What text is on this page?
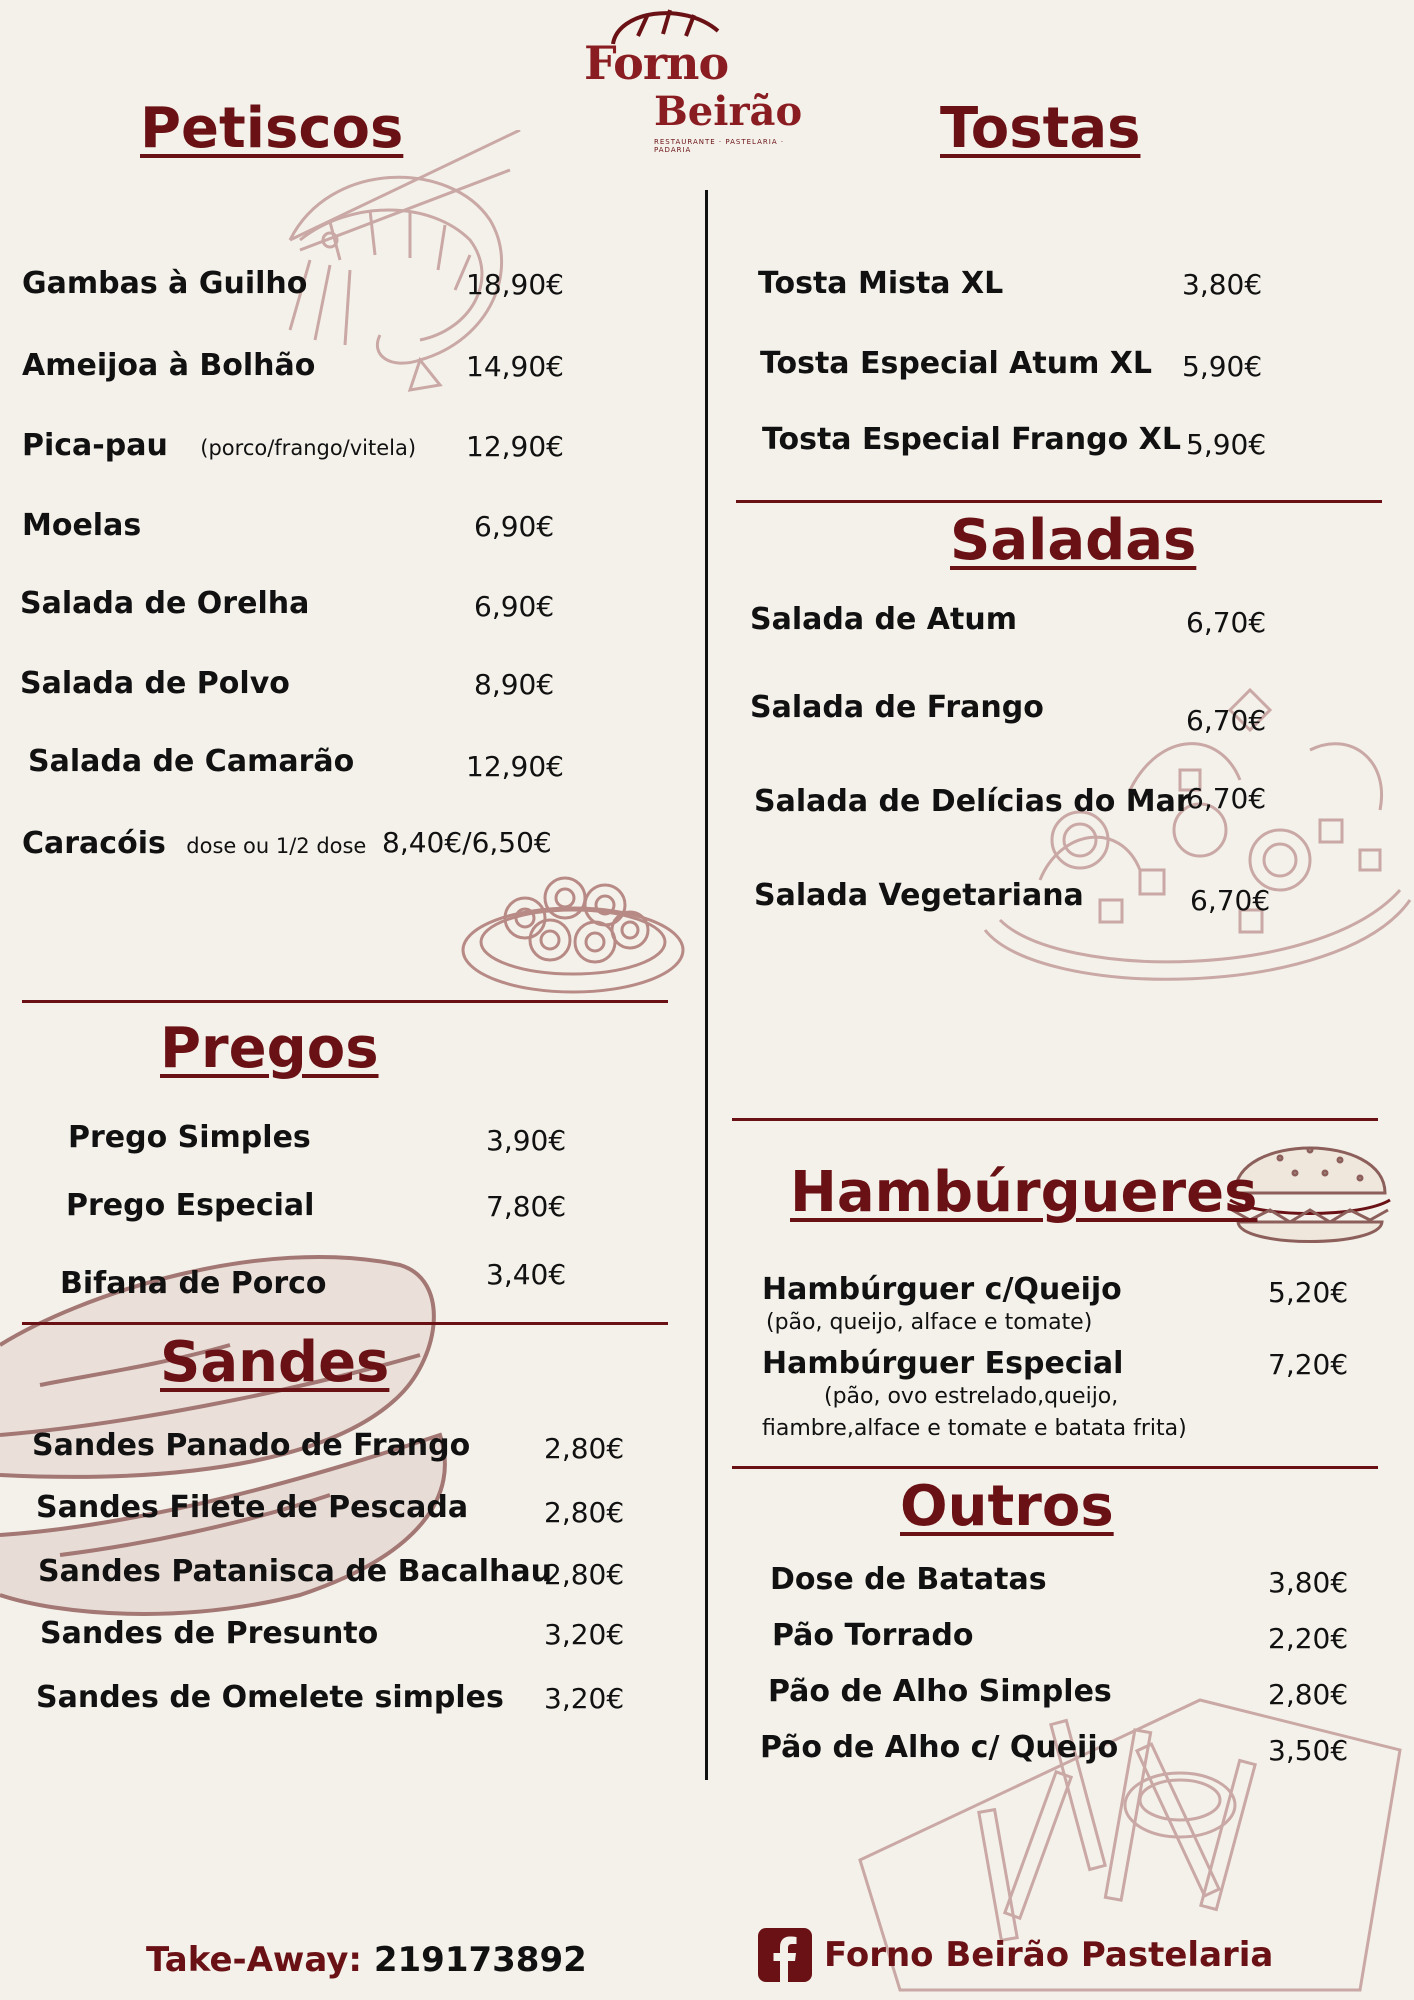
Forno
Beirão
RESTAURANTE · PASTELARIA · PADARIA
Petiscos
Gambas à Guilho	18,90€
Ameijoa à Bolhão	14,90€
Pica-pau (porco/frango/vitela) 12,90€
Moelas	6,90€
Salada de Orelha	6,90€
Salada de Polvo	8,90€
Salada de Camarão	12,90€
Caracóis dose ou 1/2 dose 8,40€/6,50€
Pregos
Prego Simples	3,90€
Prego Especial	7,80€
Bifana de Porco	3,40€
Sandes
Sandes Panado de Frango	2,80€
Sandes Filete de Pescada	2,80€
Sandes Patanisca de Bacalhau
2,80€
Sandes de Presunto	3,20€
Sandes de Omelete simples 3,20€
Tostas
Tosta Mista XL	3,80€
Tosta Especial Atum XL 5,90€
Tosta Especial Frango XL 5,90€
Saladas
Salada de Atum	6,70€
Salada de Frango	6,70€
Salada de Delícias do Mar
6,70€
Salada Vegetariana	6,70€
Hambúrgueres
Hambúrguer c/Queijo
(pão, queijo, alface e tomate)
5,20€
Hambúrguer Especial
(pão, ovo estrelado,queijo,
fiambre,alface e tomate e batata frita)
7,20€
Outros
Dose de Batatas	3,80€
Pão Torrado	2,20€
Pão de Alho Simples	2,80€
Pão de Alho c/ Queijo	3,50€
Take-Away: 219173892	Forno Beirão Pastelaria
